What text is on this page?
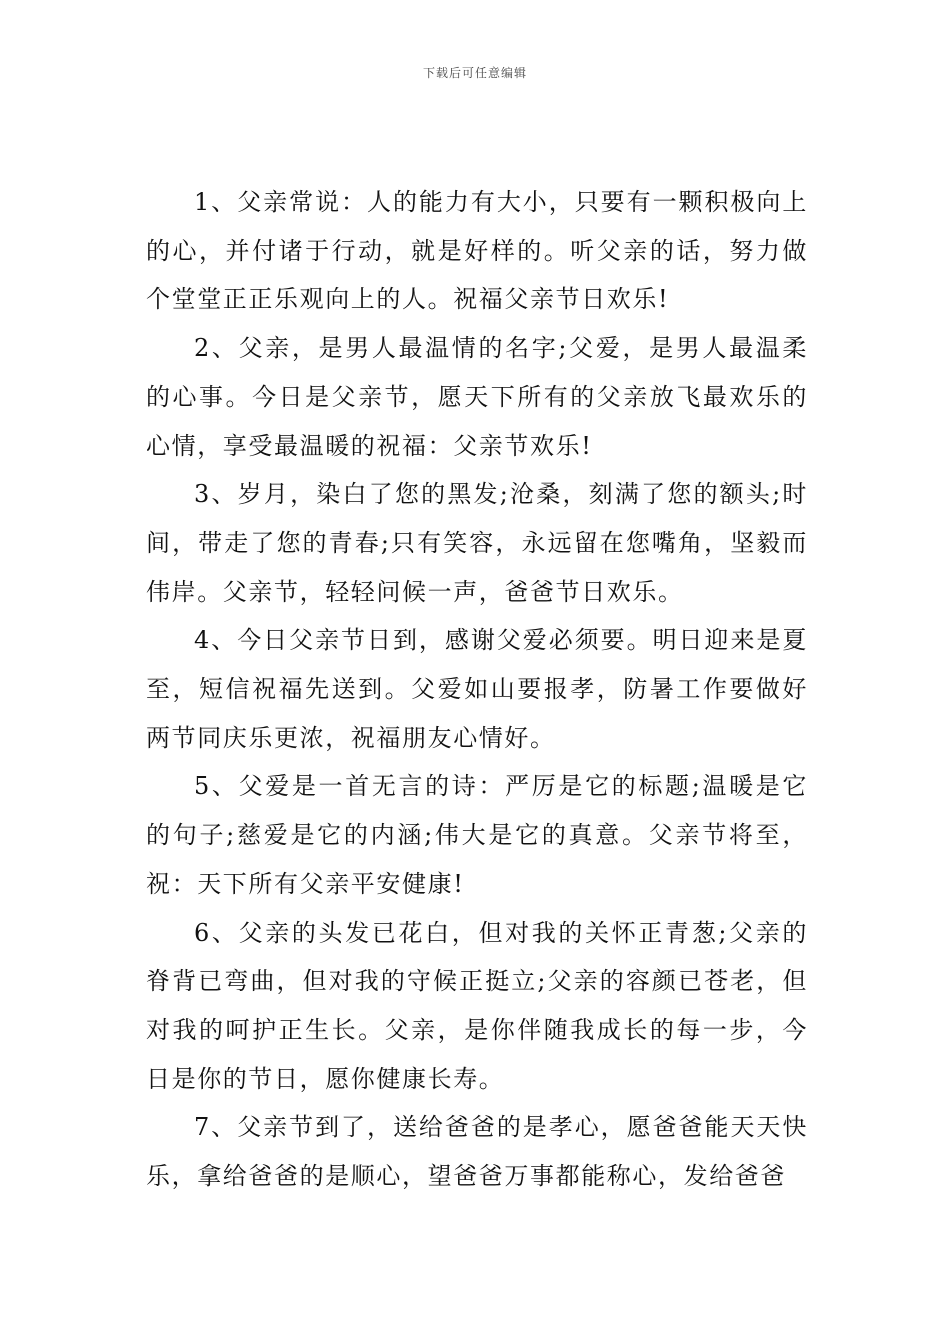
下载后可任意编辑

1、父亲常说：人的能力有大小，只要有一颗积极向上的心，并付诸于行动，就是好样的。听父亲的话，努力做个堂堂正正乐观向上的人。祝福父亲节日欢乐!

2、父亲，是男人最温情的名字;父爱，是男人最温柔的心事。今日是父亲节，愿天下所有的父亲放飞最欢乐的心情，享受最温暖的祝福：父亲节欢乐!

3、岁月，染白了您的黑发;沧桑，刻满了您的额头;时间，带走了您的青春;只有笑容，永远留在您嘴角，坚毅而伟岸。父亲节，轻轻问候一声，爸爸节日欢乐。

4、今日父亲节日到，感谢父爱必须要。明日迎来是夏至，短信祝福先送到。父爱如山要报孝，防暑工作要做好两节同庆乐更浓，祝福朋友心情好。

5、父爱是一首无言的诗：严厉是它的标题;温暖是它的句子;慈爱是它的内涵;伟大是它的真意。父亲节将至，祝：天下所有父亲平安健康!

6、父亲的头发已花白，但对我的关怀正青葱;父亲的脊背已弯曲，但对我的守候正挺立;父亲的容颜已苍老，但对我的呵护正生长。父亲，是你伴随我成长的每一步，今日是你的节日，愿你健康长寿。

7、父亲节到了，送给爸爸的是孝心，愿爸爸能天天快乐，拿给爸爸的是顺心，望爸爸万事都能称心，发给爸爸
